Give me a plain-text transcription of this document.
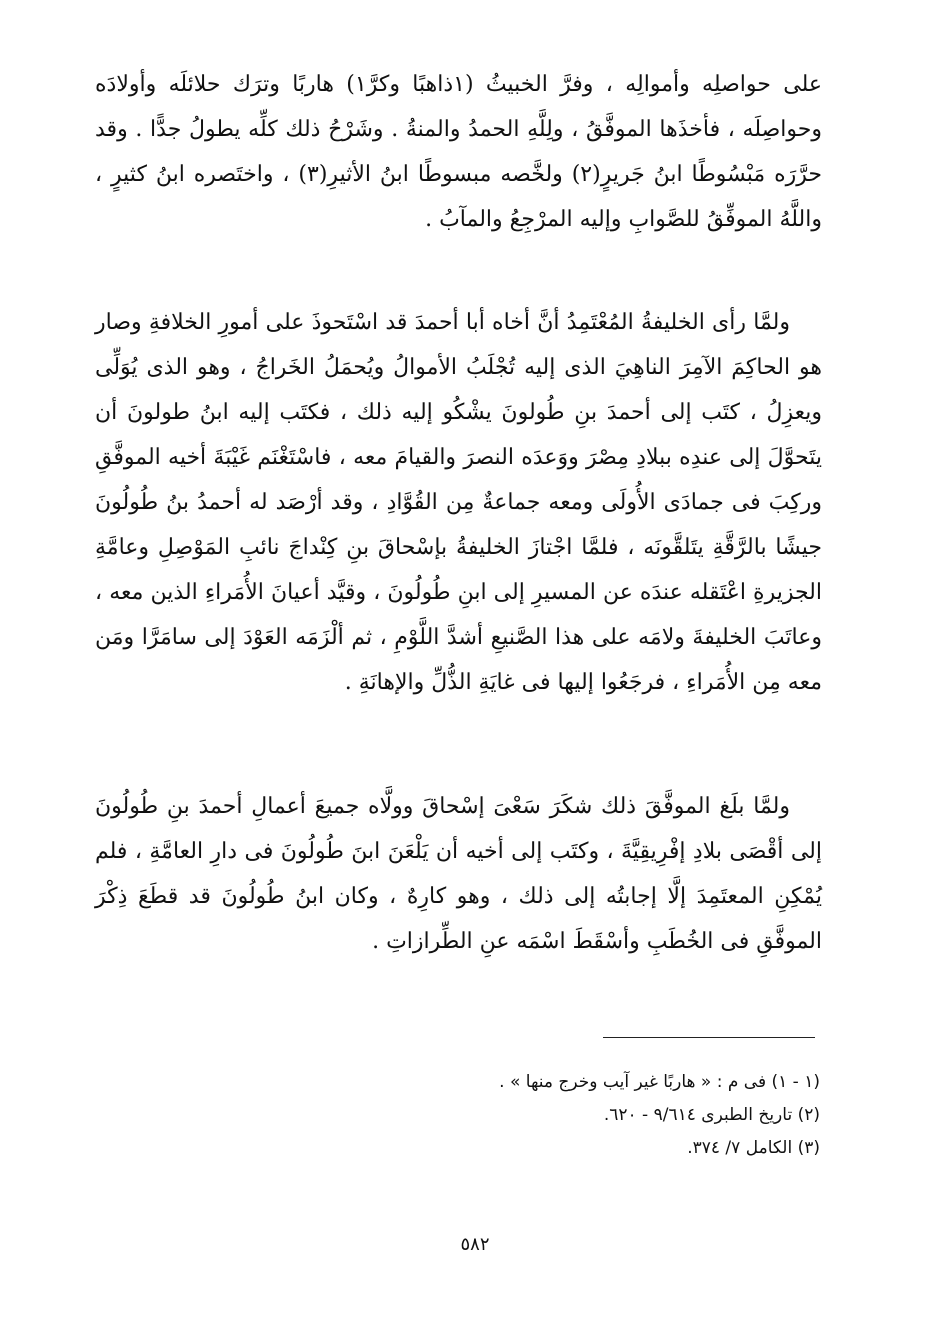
على حواصلِه وأموالِه ، وفرَّ الخبيثُ (١ذاهبًا وكرَّ١) هاربًا وترَك حلائلَه وأولادَه وحواصِلَه ، فأخذَها الموفَّقُ ، ولِلَّهِ الحمدُ والمنةُ . وشَرْحُ ذلك كلِّه يطولُ جدًّا . وقد حرَّرَه مَبْسُوطًا ابنُ جَريرٍ(٢) ولخَّصه مبسوطًا ابنُ الأثيرِ(٣) ، واختَصره ابنُ كثيرٍ ، واللَّهُ الموفِّقُ للصَّوابِ وإليه المرْجِعُ والمآبُ .

ولمَّا رأى الخليفةُ المُعْتَمِدُ أنَّ أخاه أبا أحمدَ قد اسْتَحوذَ على أمورِ الخلافةِ وصار هو الحاكِمَ الآمِرَ الناهِيَ الذى إليه تُجْلَبُ الأموالُ ويُحمَلُ الخَراجُ ، وهو الذى يُوَلِّى ويعزِلُ ، كتَب إلى أحمدَ بنِ طُولونَ يشْكُو إليه ذلك ، فكتَب إليه ابنُ طولونَ أن يتَحوَّلَ إلى عندِه ببلادِ مِصْرَ ووَعدَه النصرَ والقيامَ معه ، فاسْتَغْنَم غَيْبَةَ أخيه الموفَّقِ وركِبَ فى جمادَى الأُولَى ومعه جماعةٌ مِن القُوَّادِ ، وقد أرْصَد له أحمدُ بنُ طُولُونَ جيشًا بالرَّقَّةِ يتَلقَّونَه ، فلمَّا اجْتازَ الخليفةُ بإسْحاقَ بنِ كِنْداجَ نائبِ المَوْصِلِ وعامَّةِ الجزيرةِ اعْتَقله عندَه عن المسيرِ إلى ابنِ طُولُونَ ، وقيَّد أعيانَ الأُمَراءِ الذين معه ، وعاتَبَ الخليفةَ ولامَه على هذا الصَّنيعِ أشدَّ اللَّوْمِ ، ثم ألْزَمَه العَوْدَ إلى سامَرَّا ومَن معه مِن الأُمَراءِ ، فرجَعُوا إليها فى غايَةِ الذُّلِّ والإهانَةِ .

ولمَّا بلَغ الموفَّقَ ذلك شكَرَ سَعْىَ إسْحاقَ وولَّاه جميعَ أعمالِ أحمدَ بنِ طُولُونَ إلى أقْصَى بلادِ إفْرِيقِيَّةَ ، وكتَب إلى أخيه أن يَلْعَنَ ابنَ طُولُونَ فى دارِ العامَّةِ ، فلم يُمْكِنِ المعتَمِدَ إلَّا إجابتُه إلى ذلك ، وهو كارِهٌ ، وكان ابنُ طُولُونَ قد قطَعَ ذِكْرَ الموفَّقِ فى الخُطَبِ وأسْقَطَ اسْمَه عنِ الطِّرازاتِ .

(١ - ١) فى م : « هاربًا غير آيب وخرج منها » .
(٢) تاريخ الطبرى ٩/٦١٤ - ٦٢٠.
(٣) الكامل ٧/ ٣٧٤.
٥٨٢
